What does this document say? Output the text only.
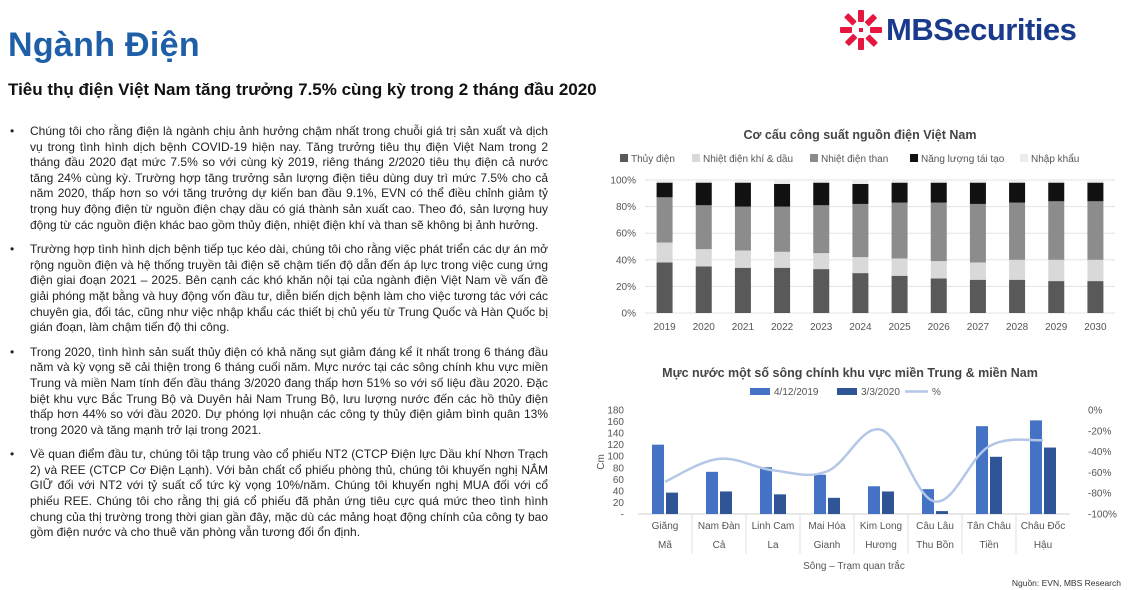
Ngành Điện
Tiêu thụ điện Việt Nam tăng trưởng 7.5% cùng kỳ trong 2 tháng đầu 2020
MBSecurities

• Chúng tôi cho rằng điện là ngành chịu ảnh hưởng chậm nhất trong chuỗi giá trị sản xuất và dịch vụ trong tình hình dịch bệnh COVID-19 hiện nay. Tăng trưởng tiêu thụ điện Việt Nam trong 2 tháng đầu 2020 đạt mức 7.5% so với cùng kỳ 2019, riêng tháng 2/2020 tiêu thụ điện cả nước tăng 24% cùng kỳ. Trường hợp tăng trưởng sản lượng điện tiêu dùng duy trì mức 7.5% cho cả năm 2020, thấp hơn so với tăng trưởng dự kiến ban đầu 9.1%, EVN có thể điều chỉnh giảm tỷ trọng huy động điện từ nguồn điện chạy dầu có giá thành sản xuất cao. Theo đó, sản lượng huy động từ các nguồn điện khác bao gồm thủy điện, nhiệt điện khí và than sẽ không bị ảnh hưởng.

• Trường hợp tình hình dịch bệnh tiếp tục kéo dài, chúng tôi cho rằng việc phát triển các dự án mở rộng nguồn điện và hệ thống truyền tải điện sẽ chậm tiến độ dẫn đến áp lực trong việc cung ứng điện giai đoạn 2021 – 2025. Bên cạnh các khó khăn nội tại của ngành điện Việt Nam về vấn đề giải phóng mặt bằng và huy động vốn đầu tư, diễn biến dịch bệnh làm cho việc tương tác với các chuyên gia, đối tác, cũng như việc nhập khẩu các thiết bị chủ yếu từ Trung Quốc và Hàn Quốc bị gián đoạn, làm chậm tiến độ thi công.

• Trong 2020, tình hình sản suất thủy điện có khả năng sụt giảm đáng kể ít nhất trong 6 tháng đầu năm và kỳ vọng sẽ cải thiện trong 6 tháng cuối năm. Mực nước tại các sông chính khu vực miền Trung và miền Nam tính đến đầu tháng 3/2020 đang thấp hơn 51% so với số liệu đầu 2020. Đặc biệt khu vực Bắc Trung Bộ và Duyên hải Nam Trung Bộ, lưu lượng nước đến các hồ thủy điện thấp hơn 44% so với đầu 2020. Dự phóng lợi nhuận các công ty thủy điện giảm bình quân 13% trong 2020 và tăng mạnh trở lại trong 2021.

• Về quan điểm đầu tư, chúng tôi tập trung vào cổ phiếu NT2 (CTCP Điện lực Dầu khí Nhơn Trạch 2) và REE (CTCP Cơ Điện Lạnh). Với bản chất cổ phiếu phòng thủ, chúng tôi khuyến nghị NẮM GIỮ đối với NT2 với tỷ suất cổ tức kỳ vọng 10%/năm. Chúng tôi khuyến nghị MUA đối với cổ phiếu REE. Chúng tôi cho rằng thị giá cổ phiếu đã phản ứng tiêu cực quá mức theo tình hình chung của thị trường trong thời gian gần đây, mặc dù các mảng hoạt động chính của công ty bao gồm điện nước và cho thuê văn phòng vẫn tương đối ổn định.

Cơ cấu công suất nguồn điện Việt Nam
Thủy điện	Nhiệt điện khí & dầu	Nhiệt điện than	Năng lượng tái tạo	Nhập khẩu
0%
20%
40%
60%
80%
100%
2019 2020 2021 2022 2023 2024 2025 2026 2027 2028 2029 2030
Mực nước một số sông chính khu vực miền Trung & miền Nam
4/12/2019	3/3/2020	%
-
20
40
60
80
100
120
140
160
180
Cm
-100%
-80%
-60%
-40%
-20%
0%
Giăng
Mã
Nam Đàn
Cả
Linh Cam
La
Mai Hóa
Gianh
Kim Long
Hương
Câu Lâu
Thu Bồn
Tân Châu
Tiền
Châu Đốc
Hậu
Sông – Trạm quan trắc
Nguồn: EVN, MBS Research
